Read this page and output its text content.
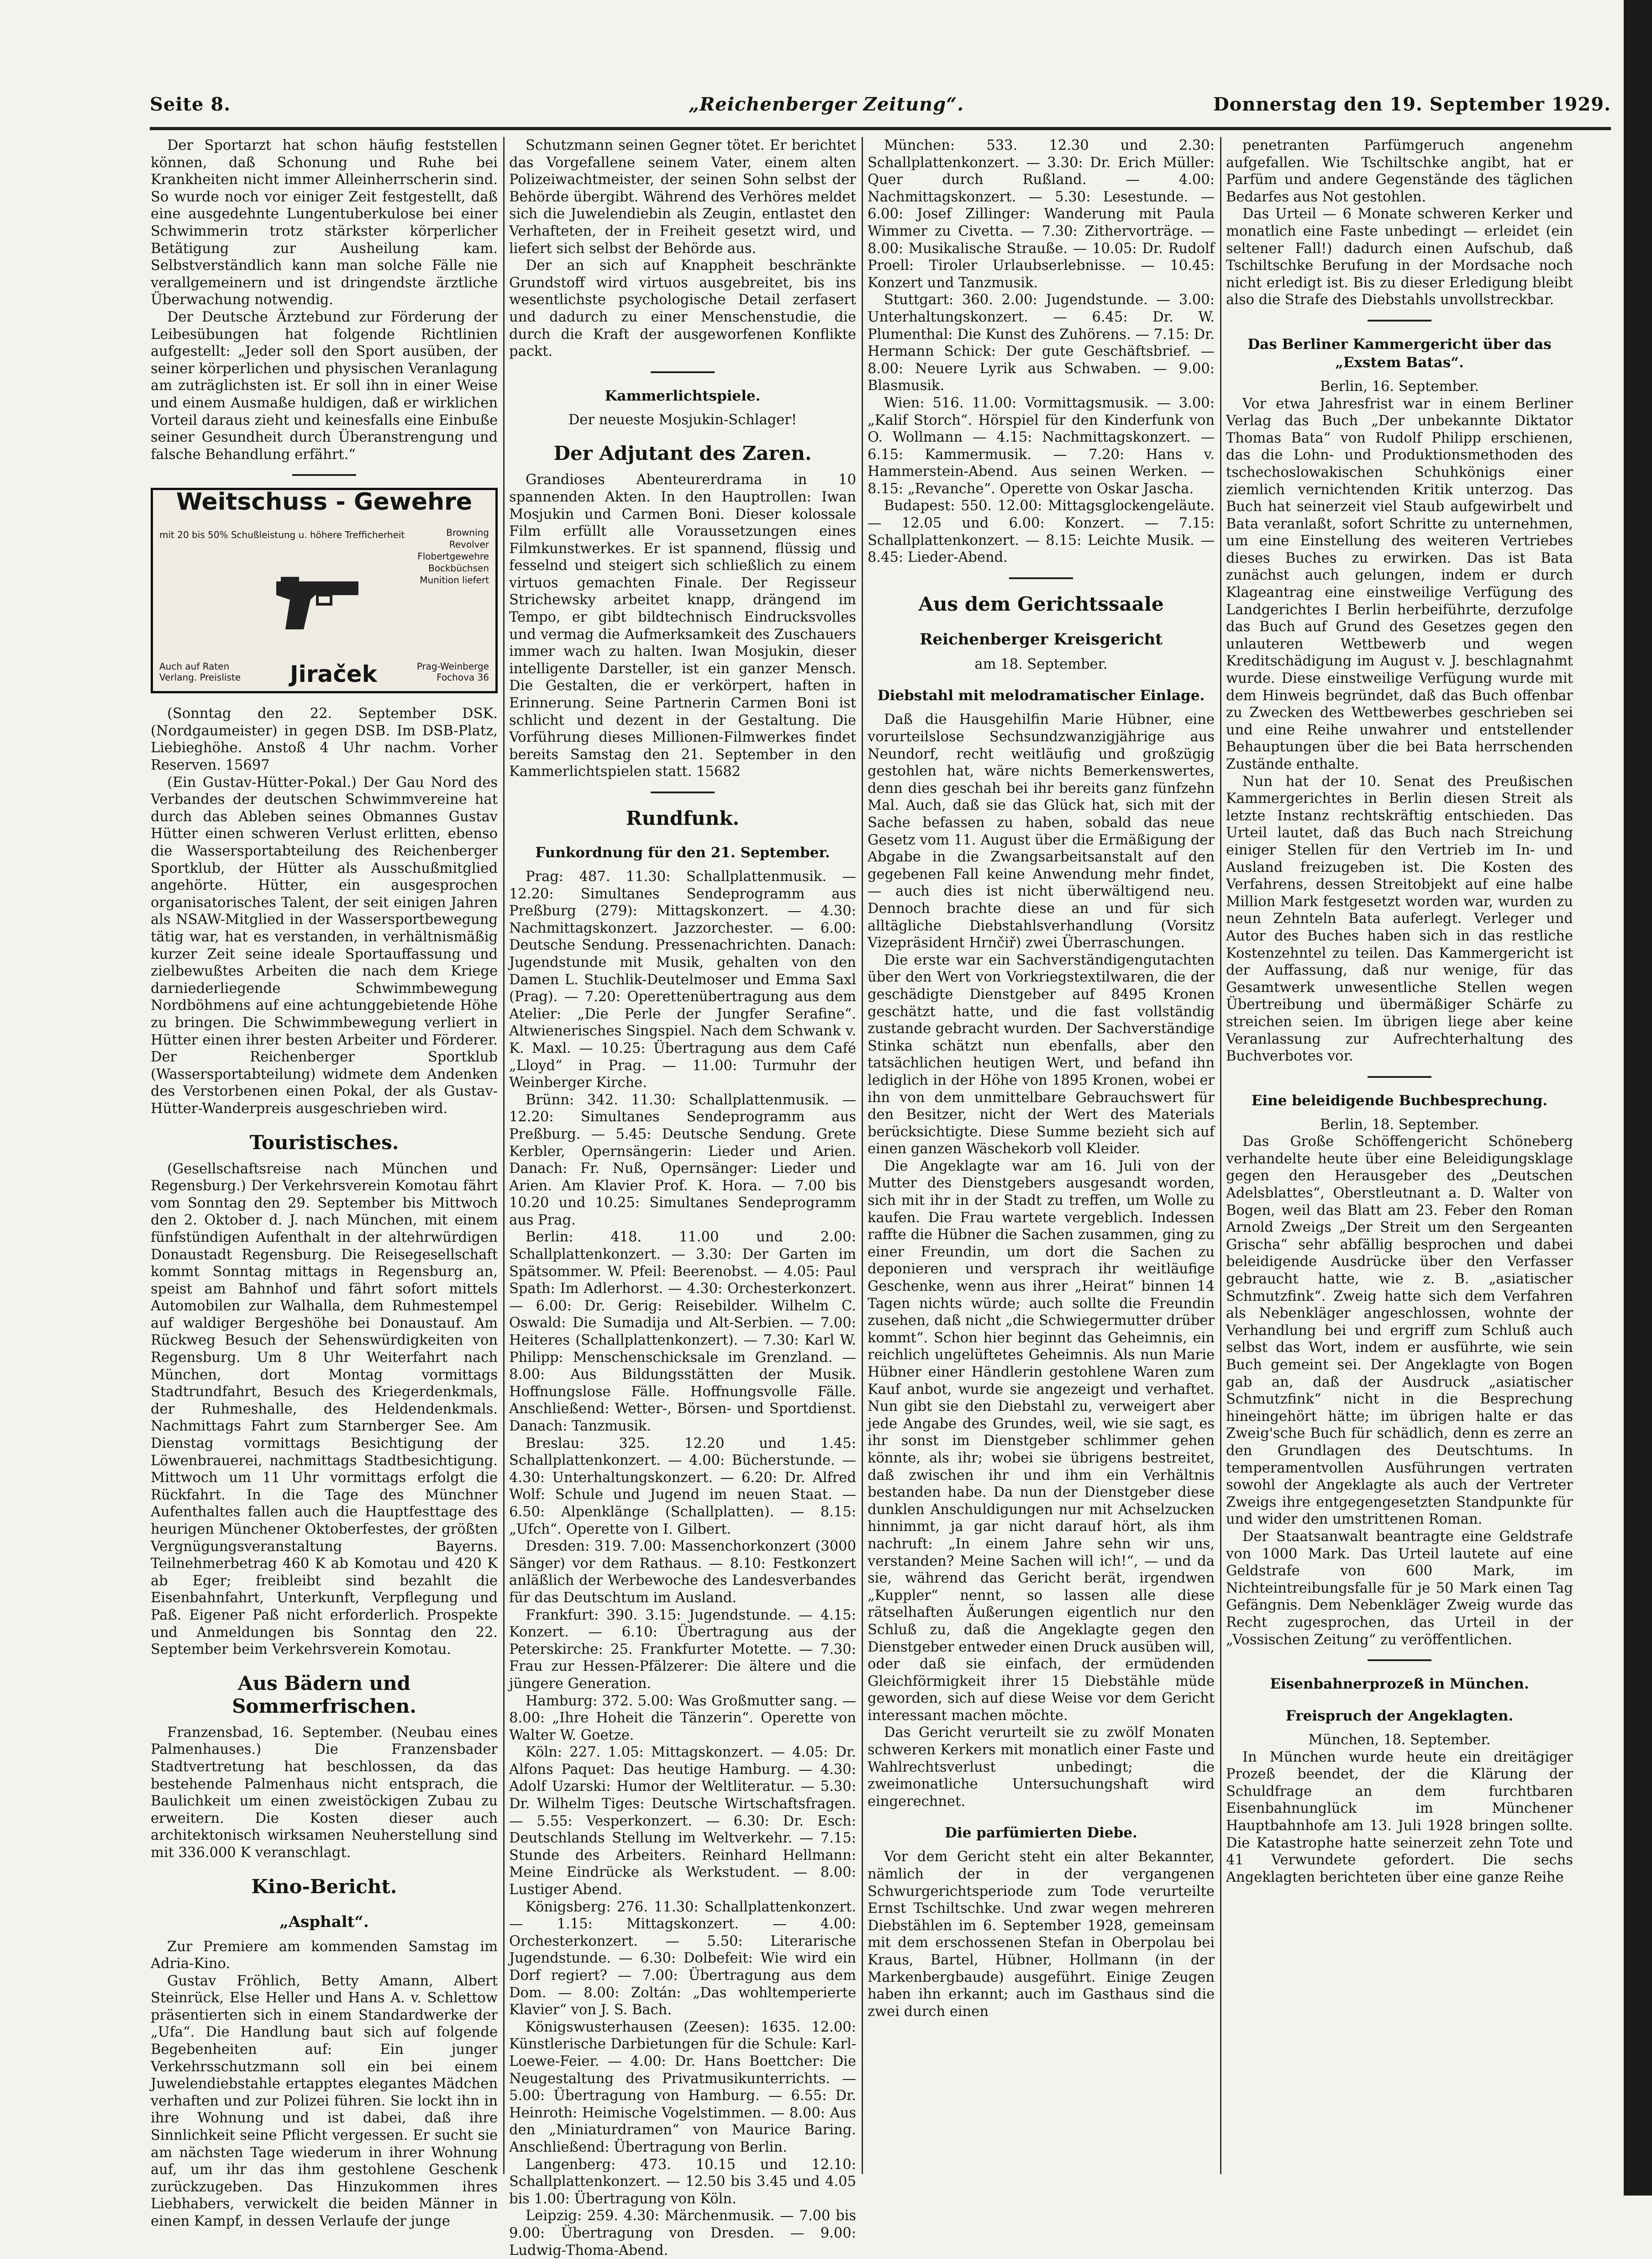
Seite 8.	„Reichenberger Zeitung“.	Donnerstag den 19. September 1929.

Der Sportarzt hat schon häufig feststellen können, daß Schonung und Ruhe bei Krankheiten nicht immer Alleinherrscherin sind. So wurde noch vor einiger Zeit festgestellt, daß eine ausgedehnte Lungentuberkulose bei einer Schwimmerin trotz stärkster körperlicher Betätigung zur Ausheilung kam. Selbstverständlich kann man solche Fälle nie verallgemeinern und ist dringendste ärztliche Überwachung notwendig.

Der Deutsche Ärztebund zur Förderung der Leibesübungen hat folgende Richtlinien aufgestellt: „Jeder soll den Sport ausüben, der seiner körperlichen und physischen Veranlagung am zuträglichsten ist. Er soll ihn in einer Weise und einem Ausmaße huldigen, daß er wirklichen Vorteil daraus zieht und keinesfalls eine Einbuße seiner Gesundheit durch Überanstrengung und falsche Behandlung erfährt.“

Weitschuss - Gewehre
mit 20 bis 50% Schußleistung u. höhere Trefficherheit	Browning
Revolver
Flobertgewehre
Bockbüchsen
Munition liefert
Auch auf Raten
Verlang. Preisliste Jiraček	Prag-Weinberge
Fochova 36

(Sonntag den 22. September DSK. (Nordgaumeister) in gegen DSB. Im DSB-Platz, Liebieghöhe. Anstoß 4 Uhr nachm. Vorher Reserven. 15697

(Ein Gustav-Hütter-Pokal.) Der Gau Nord des Verbandes der deutschen Schwimmvereine hat durch das Ableben seines Obmannes Gustav Hütter einen schweren Verlust erlitten, ebenso die Wassersportabteilung des Reichenberger Sportklub, der Hütter als Ausschußmitglied angehörte. Hütter, ein ausgesprochen organisatorisches Talent, der seit einigen Jahren als NSAW-Mitglied in der Wassersportbewegung tätig war, hat es verstanden, in verhältnismäßig kurzer Zeit seine ideale Sportauffassung und zielbewußtes Arbeiten die nach dem Kriege darniederliegende Schwimmbewegung Nordböhmens auf eine achtunggebietende Höhe zu bringen. Die Schwimmbewegung verliert in Hütter einen ihrer besten Arbeiter und Förderer. Der Reichenberger Sportklub (Wassersportabteilung) widmete dem Andenken des Verstorbenen einen Pokal, der als Gustav-Hütter-Wanderpreis ausgeschrieben wird.

Touristisches.

(Gesellschaftsreise nach München und Regensburg.) Der Verkehrsverein Komotau fährt vom Sonntag den 29. September bis Mittwoch den 2. Oktober d. J. nach München, mit einem fünfstündigen Aufenthalt in der altehrwürdigen Donaustadt Regensburg. Die Reisegesellschaft kommt Sonntag mittags in Regensburg an, speist am Bahnhof und fährt sofort mittels Automobilen zur Walhalla, dem Ruhmestempel auf waldiger Bergeshöhe bei Donaustauf. Am Rückweg Besuch der Sehenswürdigkeiten von Regensburg. Um 8 Uhr Weiterfahrt nach München, dort Montag vormittags Stadtrundfahrt, Besuch des Kriegerdenkmals, der Ruhmeshalle, des Heldendenkmals. Nachmittags Fahrt zum Starnberger See. Am Dienstag vormittags Besichtigung der Löwenbrauerei, nachmittags Stadtbesichtigung. Mittwoch um 11 Uhr vormittags erfolgt die Rückfahrt. In die Tage des Münchner Aufenthaltes fallen auch die Hauptfesttage des heurigen Münchener Oktoberfestes, der größten Vergnügungsveranstaltung Bayerns. Teilnehmerbetrag 460 K ab Komotau und 420 K ab Eger; freibleibt sind bezahlt die Eisenbahnfahrt, Unterkunft, Verpflegung und Paß. Eigener Paß nicht erforderlich. Prospekte und Anmeldungen bis Sonntag den 22. September beim Verkehrsverein Komotau.

Aus Bädern und Sommerfrischen.

Franzensbad, 16. September. (Neubau eines Palmenhauses.) Die Franzensbader Stadtvertretung hat beschlossen, da das bestehende Palmenhaus nicht entsprach, die Baulichkeit um einen zweistöckigen Zubau zu erweitern. Die Kosten dieser auch architektonisch wirksamen Neuherstellung sind mit 336.000 K veranschlagt.

Kino-Bericht.
„Asphalt“.

Zur Premiere am kommenden Samstag im Adria-Kino.

Gustav Fröhlich, Betty Amann, Albert Steinrück, Else Heller und Hans A. v. Schlettow präsentierten sich in einem Standardwerke der „Ufa“. Die Handlung baut sich auf folgende Begebenheiten auf: Ein junger Verkehrsschutzmann soll ein bei einem Juwelendiebstahle ertapptes elegantes Mädchen verhaften und zur Polizei führen. Sie lockt ihn in ihre Wohnung und ist dabei, daß ihre Sinnlichkeit seine Pflicht vergessen. Er sucht sie am nächsten Tage wiederum in ihrer Wohnung auf, um ihr das ihm gestohlene Geschenk zurückzugeben. Das Hinzukommen ihres Liebhabers, verwickelt die beiden Männer in einen Kampf, in dessen Verlaufe der junge

Schutzmann seinen Gegner tötet. Er berichtet das Vorgefallene seinem Vater, einem alten Polizeiwachtmeister, der seinen Sohn selbst der Behörde übergibt. Während des Verhöres meldet sich die Juwelendiebin als Zeugin, entlastet den Verhafteten, der in Freiheit gesetzt wird, und liefert sich selbst der Behörde aus.

Der an sich auf Knappheit beschränkte Grundstoff wird virtuos ausgebreitet, bis ins wesentlichste psychologische Detail zerfasert und dadurch zu einer Menschenstudie, die durch die Kraft der ausgeworfenen Konflikte packt.

Kammerlichtspiele.
Der neueste Mosjukin-Schlager!
Der Adjutant des Zaren.

Grandioses Abenteurerdrama in 10 spannenden Akten. In den Hauptrollen: Iwan Mosjukin und Carmen Boni. Dieser kolossale Film erfüllt alle Voraussetzungen eines Filmkunstwerkes. Er ist spannend, flüssig und fesselnd und steigert sich schließlich zu einem virtuos gemachten Finale. Der Regisseur Strichewsky arbeitet knapp, drängend im Tempo, er gibt bildtechnisch Eindrucksvolles und vermag die Aufmerksamkeit des Zuschauers immer wach zu halten. Iwan Mosjukin, dieser intelligente Darsteller, ist ein ganzer Mensch. Die Gestalten, die er verkörpert, haften in Erinnerung. Seine Partnerin Carmen Boni ist schlicht und dezent in der Gestaltung. Die Vorführung dieses Millionen-Filmwerkes findet bereits Samstag den 21. September in den Kammerlichtspielen statt. 15682

Rundfunk.
Funkordnung für den 21. September.

Prag: 487. 11.30: Schallplattenmusik. — 12.20: Simultanes Sendeprogramm aus Preßburg (279): Mittagskonzert. — 4.30: Nachmittagskonzert. Jazzorchester. — 6.00: Deutsche Sendung. Pressenachrichten. Danach: Jugendstunde mit Musik, gehalten von den Damen L. Stuchlik-Deutelmoser und Emma Saxl (Prag). — 7.20: Operettenübertragung aus dem Atelier: „Die Perle der Jungfer Serafine“. Altwienerisches Singspiel. Nach dem Schwank v. K. Maxl. — 10.25: Übertragung aus dem Café „Lloyd“ in Prag. — 11.00: Turmuhr der Weinberger Kirche.

Brünn: 342. 11.30: Schallplattenmusik. — 12.20: Simultanes Sendeprogramm aus Preßburg. — 5.45: Deutsche Sendung. Grete Kerbler, Opernsängerin: Lieder und Arien. Danach: Fr. Nuß, Opernsänger: Lieder und Arien. Am Klavier Prof. K. Hora. — 7.00 bis 10.20 und 10.25: Simultanes Sendeprogramm aus Prag.

Berlin: 418. 11.00 und 2.00: Schallplattenkonzert. — 3.30: Der Garten im Spätsommer. W. Pfeil: Beerenobst. — 4.05: Paul Spath: Im Adlerhorst. — 4.30: Orchesterkonzert. — 6.00: Dr. Gerig: Reisebilder. Wilhelm C. Oswald: Die Sumadija und Alt-Serbien. — 7.00: Heiteres (Schallplattenkonzert). — 7.30: Karl W. Philipp: Menschenschicksale im Grenzland. — 8.00: Aus Bildungsstätten der Musik. Hoffnungslose Fälle. Hoffnungsvolle Fälle. Anschließend: Wetter-, Börsen- und Sportdienst. Danach: Tanzmusik.

Breslau: 325. 12.20 und 1.45: Schallplattenkonzert. — 4.00: Bücherstunde. — 4.30: Unterhaltungskonzert. — 6.20: Dr. Alfred Wolf: Schule und Jugend im neuen Staat. — 6.50: Alpenklänge (Schallplatten). — 8.15: „Ufch“. Operette von I. Gilbert.

Dresden: 319. 7.00: Massenchorkonzert (3000 Sänger) vor dem Rathaus. — 8.10: Festkonzert anläßlich der Werbewoche des Landesverbandes für das Deutschtum im Ausland.

Frankfurt: 390. 3.15: Jugendstunde. — 4.15: Konzert. — 6.10: Übertragung aus der Peterskirche: 25. Frankfurter Motette. — 7.30: Frau zur Hessen-Pfälzerer: Die ältere und die jüngere Generation.

Hamburg: 372. 5.00: Was Großmutter sang. — 8.00: „Ihre Hoheit die Tänzerin“. Operette von Walter W. Goetze.

Köln: 227. 1.05: Mittagskonzert. — 4.05: Dr. Alfons Paquet: Das heutige Hamburg. — 4.30: Adolf Uzarski: Humor der Weltliteratur. — 5.30: Dr. Wilhelm Tiges: Deutsche Wirtschaftsfragen. — 5.55: Vesperkonzert. — 6.30: Dr. Esch: Deutschlands Stellung im Weltverkehr. — 7.15: Stunde des Arbeiters. Reinhard Hellmann: Meine Eindrücke als Werkstudent. — 8.00: Lustiger Abend.

Königsberg: 276. 11.30: Schallplattenkonzert. — 1.15: Mittagskonzert. — 4.00: Orchesterkonzert. — 5.50: Literarische Jugendstunde. — 6.30: Dolbefeit: Wie wird ein Dorf regiert? — 7.00: Übertragung aus dem Dom. — 8.00: Zoltán: „Das wohltemperierte Klavier“ von J. S. Bach.

Königswusterhausen (Zeesen): 1635. 12.00: Künstlerische Darbietungen für die Schule: Karl-Loewe-Feier. — 4.00: Dr. Hans Boettcher: Die Neugestaltung des Privatmusikunterrichts. — 5.00: Übertragung von Hamburg. — 6.55: Dr. Heinroth: Heimische Vogelstimmen. — 8.00: Aus den „Miniaturdramen“ von Maurice Baring. Anschließend: Übertragung von Berlin.

Langenberg: 473. 10.15 und 12.10: Schallplattenkonzert. — 12.50 bis 3.45 und 4.05 bis 1.00: Übertragung von Köln.

Leipzig: 259. 4.30: Märchenmusik. — 7.00 bis 9.00: Übertragung von Dresden. — 9.00: Ludwig-Thoma-Abend.

München: 533. 12.30 und 2.30: Schallplattenkonzert. — 3.30: Dr. Erich Müller: Quer durch Rußland. — 4.00: Nachmittagskonzert. — 5.30: Lesestunde. — 6.00: Josef Zillinger: Wanderung mit Paula Wimmer zu Civetta. — 7.30: Zithervorträge. — 8.00: Musikalische Strauße. — 10.05: Dr. Rudolf Proell: Tiroler Urlaubserlebnisse. — 10.45: Konzert und Tanzmusik.

Stuttgart: 360. 2.00: Jugendstunde. — 3.00: Unterhaltungskonzert. — 6.45: Dr. W. Plumenthal: Die Kunst des Zuhörens. — 7.15: Dr. Hermann Schick: Der gute Geschäftsbrief. — 8.00: Neuere Lyrik aus Schwaben. — 9.00: Blasmusik.

Wien: 516. 11.00: Vormittagsmusik. — 3.00: „Kalif Storch“. Hörspiel für den Kinderfunk von O. Wollmann — 4.15: Nachmittagskonzert. — 6.15: Kammermusik. — 7.20: Hans v. Hammerstein-Abend. Aus seinen Werken. — 8.15: „Revanche“. Operette von Oskar Jascha.

Budapest: 550. 12.00: Mittagsglockengeläute. — 12.05 und 6.00: Konzert. — 7.15: Schallplattenkonzert. — 8.15: Leichte Musik. — 8.45: Lieder-Abend.

Aus dem Gerichtssaale
Reichenberger Kreisgericht
am 18. September.
Diebstahl mit melodramatischer Einlage.

Daß die Hausgehilfin Marie Hübner, eine vorurteilslose Sechsundzwanzigjährige aus Neundorf, recht weitläufig und großzügig gestohlen hat, wäre nichts Bemerkenswertes, denn dies geschah bei ihr bereits ganz fünfzehn Mal. Auch, daß sie das Glück hat, sich mit der Sache befassen zu haben, sobald das neue Gesetz vom 11. August über die Ermäßigung der Abgabe in die Zwangsarbeitsanstalt auf den gegebenen Fall keine Anwendung mehr findet, — auch dies ist nicht überwältigend neu. Dennoch brachte diese an und für sich alltägliche Diebstahlsverhandlung (Vorsitz Vizepräsident Hrnčiř) zwei Überraschungen.

Die erste war ein Sachverständigengutachten über den Wert von Vorkriegstextilwaren, die der geschädigte Dienstgeber auf 8495 Kronen geschätzt hatte, und die fast vollständig zustande gebracht wurden. Der Sachverständige Stinka schätzt nun ebenfalls, aber den tatsächlichen heutigen Wert, und befand ihn lediglich in der Höhe von 1895 Kronen, wobei er ihn von dem unmittelbare Gebrauchswert für den Besitzer, nicht der Wert des Materials berücksichtigte. Diese Summe bezieht sich auf einen ganzen Wäschekorb voll Kleider.

Die Angeklagte war am 16. Juli von der Mutter des Dienstgebers ausgesandt worden, sich mit ihr in der Stadt zu treffen, um Wolle zu kaufen. Die Frau wartete vergeblich. Indessen raffte die Hübner die Sachen zusammen, ging zu einer Freundin, um dort die Sachen zu deponieren und versprach ihr weitläufige Geschenke, wenn aus ihrer „Heirat“ binnen 14 Tagen nichts würde; auch sollte die Freundin zusehen, daß nicht „die Schwiegermutter drüber kommt“. Schon hier beginnt das Geheimnis, ein reichlich ungelüftetes Geheimnis. Als nun Marie Hübner einer Händlerin gestohlene Waren zum Kauf anbot, wurde sie angezeigt und verhaftet. Nun gibt sie den Diebstahl zu, verweigert aber jede Angabe des Grundes, weil, wie sie sagt, es ihr sonst im Dienstgeber schlimmer gehen könnte, als ihr; wobei sie übrigens bestreitet, daß zwischen ihr und ihm ein Verhältnis bestanden habe. Da nun der Dienstgeber diese dunklen Anschuldigungen nur mit Achselzucken hinnimmt, ja gar nicht darauf hört, als ihm nachruft: „In einem Jahre sehn wir uns, verstanden? Meine Sachen will ich!“, — und da sie, während das Gericht berät, irgendwen „Kuppler“ nennt, so lassen alle diese rätselhaften Äußerungen eigentlich nur den Schluß zu, daß die Angeklagte gegen den Dienstgeber entweder einen Druck ausüben will, oder daß sie einfach, der ermüdenden Gleichförmigkeit ihrer 15 Diebstähle müde geworden, sich auf diese Weise vor dem Gericht interessant machen möchte.

Das Gericht verurteilt sie zu zwölf Monaten schweren Kerkers mit monatlich einer Faste und Wahlrechtsverlust unbedingt; die zweimonatliche Untersuchungshaft wird eingerechnet.

Die parfümierten Diebe.

Vor dem Gericht steht ein alter Bekannter, nämlich der in der vergangenen Schwurgerichtsperiode zum Tode verurteilte Ernst Tschiltschke. Und zwar wegen mehreren Diebstählen im 6. September 1928, gemeinsam mit dem erschossenen Stefan in Oberpolau bei Kraus, Bartel, Hübner, Hollmann (in der Markenbergbaude) ausgeführt. Einige Zeugen haben ihn erkannt; auch im Gasthaus sind die zwei durch einen

penetranten Parfümgeruch angenehm aufgefallen. Wie Tschiltschke angibt, hat er Parfüm und andere Gegenstände des täglichen Bedarfes aus Not gestohlen.

Das Urteil — 6 Monate schweren Kerker und monatlich eine Faste unbedingt — erleidet (ein seltener Fall!) dadurch einen Aufschub, daß Tschiltschke Berufung in der Mordsache noch nicht erledigt ist. Bis zu dieser Erledigung bleibt also die Strafe des Diebstahls unvollstreckbar.

Das Berliner Kammergericht über das „Exstem Batas“.
Berlin, 16. September.

Vor etwa Jahresfrist war in einem Berliner Verlag das Buch „Der unbekannte Diktator Thomas Bata“ von Rudolf Philipp erschienen, das die Lohn- und Produktionsmethoden des tschechoslowakischen Schuhkönigs einer ziemlich vernichtenden Kritik unterzog. Das Buch hat seinerzeit viel Staub aufgewirbelt und Bata veranlaßt, sofort Schritte zu unternehmen, um eine Einstellung des weiteren Vertriebes dieses Buches zu erwirken. Das ist Bata zunächst auch gelungen, indem er durch Klageantrag eine einstweilige Verfügung des Landgerichtes I Berlin herbeiführte, derzufolge das Buch auf Grund des Gesetzes gegen den unlauteren Wettbewerb und wegen Kreditschädigung im August v. J. beschlagnahmt wurde. Diese einstweilige Verfügung wurde mit dem Hinweis begründet, daß das Buch offenbar zu Zwecken des Wettbewerbes geschrieben sei und eine Reihe unwahrer und entstellender Behauptungen über die bei Bata herrschenden Zustände enthalte.

Nun hat der 10. Senat des Preußischen Kammergerichtes in Berlin diesen Streit als letzte Instanz rechtskräftig entschieden. Das Urteil lautet, daß das Buch nach Streichung einiger Stellen für den Vertrieb im In- und Ausland freizugeben ist. Die Kosten des Verfahrens, dessen Streitobjekt auf eine halbe Million Mark festgesetzt worden war, wurden zu neun Zehnteln Bata auferlegt. Verleger und Autor des Buches haben sich in das restliche Kostenzehntel zu teilen. Das Kammergericht ist der Auffassung, daß nur wenige, für das Gesamtwerk unwesentliche Stellen wegen Übertreibung und übermäßiger Schärfe zu streichen seien. Im übrigen liege aber keine Veranlassung zur Aufrechterhaltung des Buchverbotes vor.

Eine beleidigende Buchbesprechung.
Berlin, 18. September.

Das Große Schöffengericht Schöneberg verhandelte heute über eine Beleidigungsklage gegen den Herausgeber des „Deutschen Adelsblattes“, Oberstleutnant a. D. Walter von Bogen, weil das Blatt am 23. Feber den Roman Arnold Zweigs „Der Streit um den Sergeanten Grischa“ sehr abfällig besprochen und dabei beleidigende Ausdrücke über den Verfasser gebraucht hatte, wie z. B. „asiatischer Schmutzfink“. Zweig hatte sich dem Verfahren als Nebenkläger angeschlossen, wohnte der Verhandlung bei und ergriff zum Schluß auch selbst das Wort, indem er ausführte, wie sein Buch gemeint sei. Der Angeklagte von Bogen gab an, daß der Ausdruck „asiatischer Schmutzfink“ nicht in die Besprechung hineingehört hätte; im übrigen halte er das Zweig'sche Buch für schädlich, denn es zerre an den Grundlagen des Deutschtums. In temperamentvollen Ausführungen vertraten sowohl der Angeklagte als auch der Vertreter Zweigs ihre entgegengesetzten Standpunkte für und wider den umstrittenen Roman.

Der Staatsanwalt beantragte eine Geldstrafe von 1000 Mark. Das Urteil lautete auf eine Geldstrafe von 600 Mark, im Nichteintreibungsfalle für je 50 Mark einen Tag Gefängnis. Dem Nebenkläger Zweig wurde das Recht zugesprochen, das Urteil in der „Vossischen Zeitung“ zu veröffentlichen.

Eisenbahnerprozeß in München.
Freispruch der Angeklagten.
München, 18. September.

In München wurde heute ein dreitägiger Prozeß beendet, der die Klärung der Schuldfrage an dem furchtbaren Eisenbahnunglück im Münchener Hauptbahnhofe am 13. Juli 1928 bringen sollte. Die Katastrophe hatte seinerzeit zehn Tote und 41 Verwundete gefordert. Die sechs Angeklagten berichteten über eine ganze Reihe
